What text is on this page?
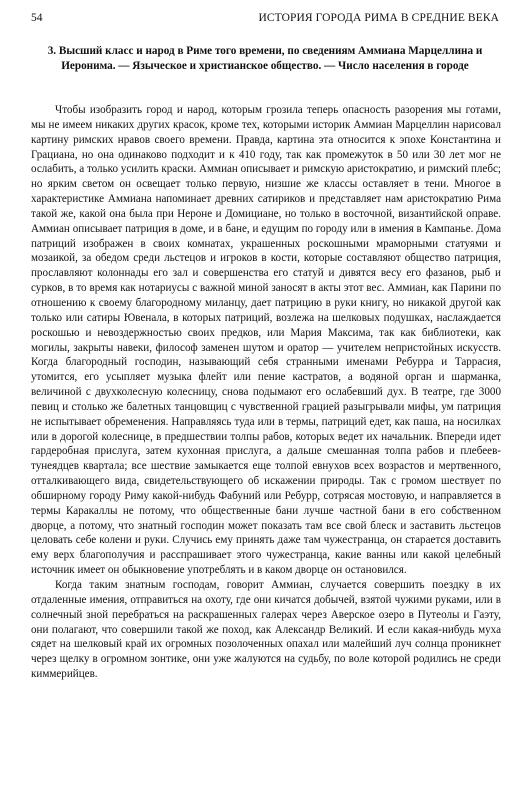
54	ИСТОРИЯ ГОРОДА РИМА В СРЕДНИЕ ВЕКА
3. Высший класс и народ в Риме того времени, по сведениям Аммиана Марцеллина и Иеронима. — Языческое и христианское общество. — Число населения в городе

Чтобы изобразить город и народ, которым грозила теперь опасность разорения мы готами, мы не имеем никаких других красок, кроме тех, которыми историк Аммиан Марцеллин нарисовал картину римских нравов своего времени. Правда, картина эта относится к эпохе Константина и Грациана, но она одинаково подходит и к 410 году, так как промежуток в 50 или 30 лет мог не ослабить, а только усилить краски. Аммиан описывает и римскую аристократию, и римский плебс; но ярким светом он освещает только первую, низшие же классы оставляет в тени. Многое в характеристике Аммиана напоминает древних сатириков и представляет нам аристократию Рима такой же, какой она была при Нероне и Домициане, но только в восточной, византийской оправе. Аммиан описывает патриция в доме, и в бане, и едущим по городу или в имения в Кампанье. Дома патриций изображен в своих комнатах, украшенных роскошными мраморными статуями и мозаикой, за обедом среди льстецов и игроков в кости, которые составляют общество патриция, прославляют колоннады его зал и совершенства его статуй и дивятся весу его фазанов, рыб и сурков, в то время как нотариусы с важной миной заносят в акты этот вес. Аммиан, как Парини по отношению к своему благородному миланцу, дает патрицию в руки книгу, но никакой другой как только или сатиры Ювенала, в которых патриций, возлежа на шелковых подушках, наслаждается роскошью и невоздержностью своих предков, или Мария Максима, так как библиотеки, как могилы, закрыты навеки, философ заменен шутом и оратор — учителем непристойных искусств. Когда благородный господин, называющий себя странными именами Ребурра и Таррасия, утомится, его усыпляет музыка флейт или пение кастратов, а водяной орган и шарманка, величиной с двухколесную колесницу, снова подымают его ослабевший дух. В театре, где 3000 певиц и столько же балетных танцовщиц с чувственной грацией разыгрывали мифы, ум патриция не испытывает обременения. Направляясь туда или в термы, патриций едет, как паша, на носилках или в дорогой колеснице, в предшествии толпы рабов, которых ведет их начальник. Впереди идет гардеробная прислуга, затем кухонная прислуга, а дальше смешанная толпа рабов и плебеев-тунеядцев квартала; все шествие замыкается еще толпой евнухов всех возрастов и мертвенного, отталкивающего вида, свидетельствующего об искажении природы. Так с громом шествует по обширному городу Риму какой-нибудь Фабуний или Ребурр, сотрясая мостовую, и направляется в термы Каракаллы не потому, что общественные бани лучше частной бани в его собственном дворце, а потому, что знатный господин может показать там все свой блеск и заставить льстецов целовать себе колени и руки. Случись ему принять даже там чужестранца, он старается доставить ему верх благополучия и расспрашивает этого чужестранца, какие ванны или какой целебный источник имеет он обыкновение употреблять и в каком дворце он остановился.

Когда таким знатным господам, говорит Аммиан, случается совершить поездку в их отдаленные имения, отправиться на охоту, где они кичатся добычей, взятой чужими руками, или в солнечный зной перебраться на раскрашенных галерах через Аверское озеро в Путеолы и Гаэту, они полагают, что совершили такой же поход, как Александр Великий. И если какая-нибудь муха сядет на шелковый край их огромных позолоченных опахал или малейший луч солнца проникнет через щелку в огромном зонтике, они уже жалуются на судьбу, по воле которой родились не среди киммерийцев.
